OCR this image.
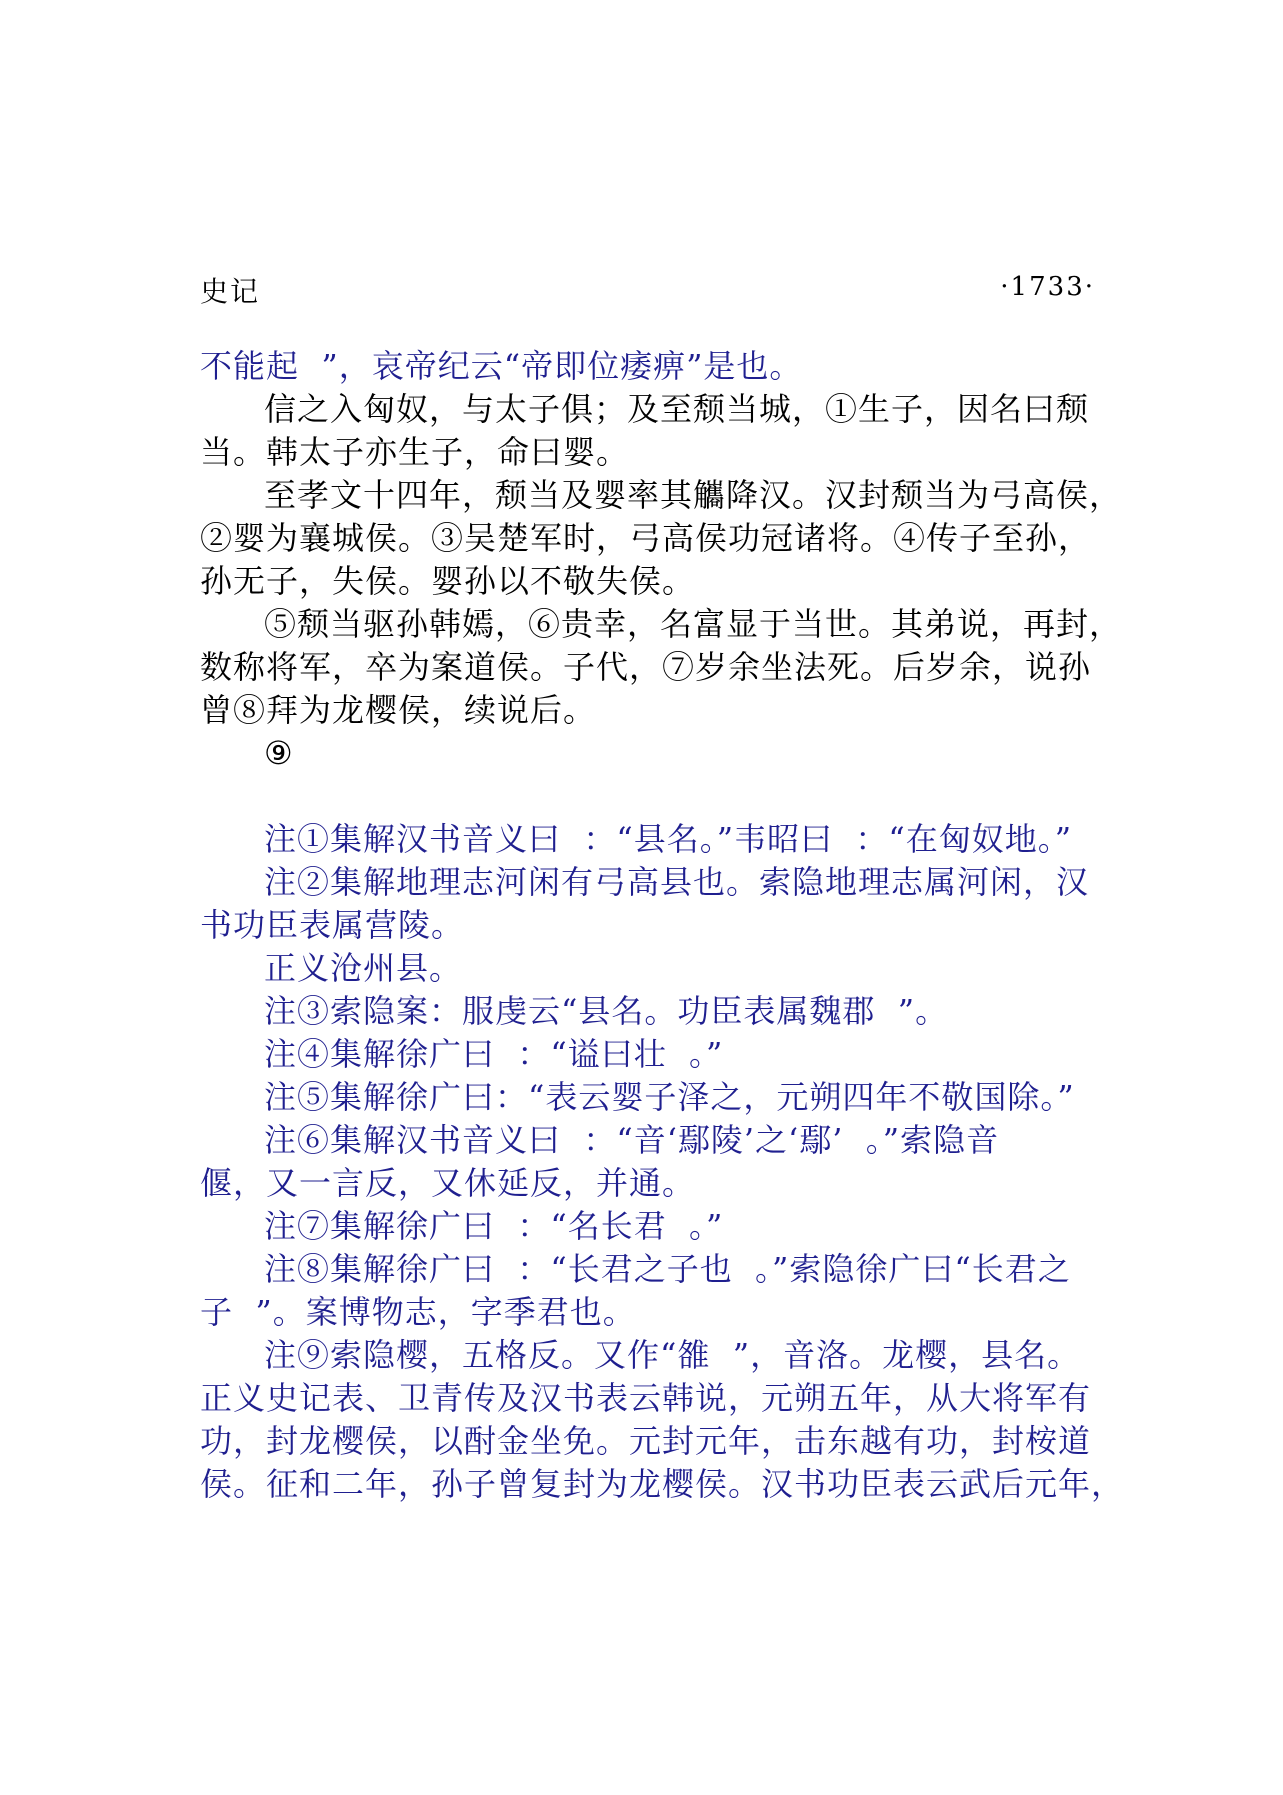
史记	·1733·
不能起  ”，哀帝纪云“帝即位痿痹”是也。
信之入匈奴，与太子俱；及至颓当城，①生子，因名曰颓
当。韩太子亦生子，命曰婴。
至孝文十四年，颓当及婴率其觿降汉。汉封颓当为弓高侯，
②婴为襄城侯。③吴楚军时，弓高侯功冠诸将。④传子至孙，
孙无子，失侯。婴孙以不敬失侯。
⑤颓当驱孙韩嫣，⑥贵幸，名富显于当世。其弟说，再封，
数称将军，卒为案道侯。子代，⑦岁余坐法死。后岁余，说孙
曾⑧拜为龙樱侯，续说后。
⑨
注①集解汉书音义曰  ：“县名。”韦昭曰  ：“在匈奴地。”
注②集解地理志河闲有弓高县也。索隐地理志属河闲，汉
书功臣表属营陵。
正义沧州县。
注③索隐案：服虔云“县名。功臣表属魏郡  ”。
注④集解徐广曰  ：“谥曰壮  。”
注⑤集解徐广曰：“表云婴子泽之，元朔四年不敬国除。”
注⑥集解汉书音义曰  ：“音‘鄢陵’之‘鄢’  。”索隐音
偃，又一言反，又休延反，并通。
注⑦集解徐广曰  ：“名长君  。”
注⑧集解徐广曰  ：“长君之子也  。”索隐徐广曰“长君之
子  ”。案博物志，字季君也。
注⑨索隐樱，五格反。又作“雒  ”，音洛。龙樱，县名。
正义史记表、卫青传及汉书表云韩说，元朔五年，从大将军有
功，封龙樱侯，以酎金坐免。元封元年，击东越有功，封桉道
侯。征和二年，孙子曾复封为龙樱侯。汉书功臣表云武后元年，
